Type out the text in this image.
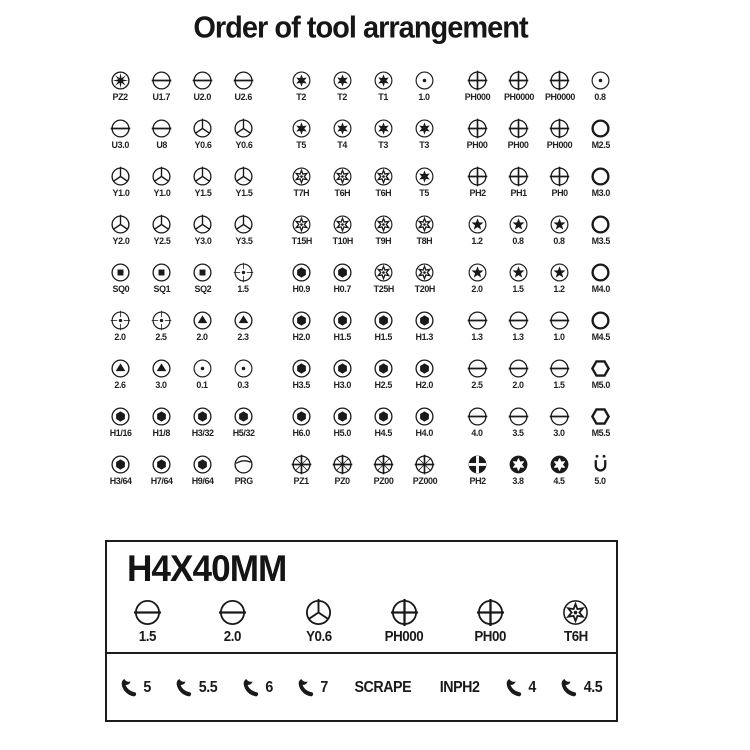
Order of tool arrangement
PZ2	U1.7 U2.0 U2.6	T2	T2	T1	1.0	PH000 PH0000 PH0000 0.8
U3.0	U8	Y0.6	Y0.6	T5	T4	T3	T3	PH00 PH00 PH000 M2.5
Y1.0	Y1.0	Y1.5	Y1.5	T7H	T6H	T6H	T5	PH2	PH1	PH0 M3.0
Y2.0	Y2.5	Y3.0	Y3.5	T15H T10H T9H	T8H	1.2	0.8	0.8	M3.5
SQ0	SQ1	SQ2	1.5	H0.9 H0.7 T25H T20H	2.0	1.5	1.2	M4.0
2.0	2.5	2.0	2.3	H2.0 H1.5 H1.5 H1.3	1.3	1.3	1.0	M4.5
2.6	3.0	0.1	0.3	H3.5 H3.0 H2.5 H2.0	2.5	2.0	1.5	M5.0
H1/16 H1/8 H3/32 H5/32	H6.0 H5.0 H4.5 H4.0	4.0	3.5	3.0	M5.5
H3/64 H7/64 H9/64 PRG	PZ1	PZ0 PZ00 PZ000	PH2	3.8	4.5	5.0
H4X40MM
1.5	2.0	Y0.6	PH000	PH00	T6H
5	5.5	6	7 SCRAPE INPH2	4	4.5
